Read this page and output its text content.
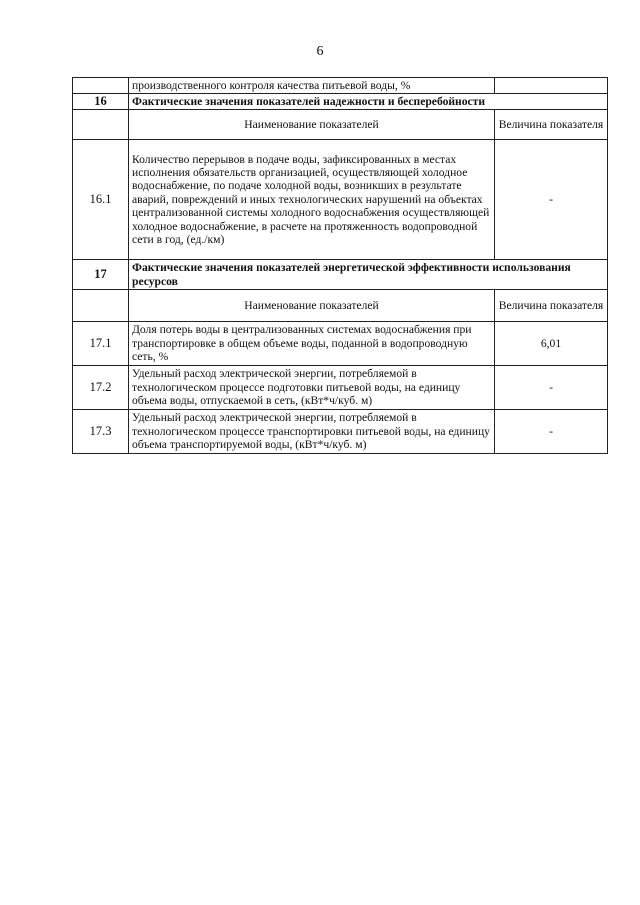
6
	производственного контроля качества питьевой воды, %	
16	Фактические значения показателей надежности и бесперебойности	
	Наименование показателей	Величина показателя
16.1	Количество перерывов в подаче воды, зафиксированных в местах исполнения обязательств организацией, осуществляющей холодное водоснабжение, по подаче холодной воды, возникших в результате аварий, повреждений и иных технологических нарушений на объектах централизованной системы холодного водоснабжения осуществляющей холодное водоснабжение, в расчете на протяженность водопроводной сети в год, (ед./км)	-
17	Фактические значения показателей энергетической эффективности использования ресурсов	
	Наименование показателей	Величина показателя
17.1	Доля потерь воды в централизованных системах водоснабжения при транспортировке в общем объеме воды, поданной в водопроводную сеть, %	6,01
17.2	Удельный расход электрической энергии, потребляемой в технологическом процессе подготовки питьевой воды, на единицу объема воды, отпускаемой в сеть, (кВт*ч/куб. м)	-
17.3	Удельный расход электрической энергии, потребляемой в технологическом процессе транспортировки питьевой воды, на единицу объема транспортируемой воды, (кВт*ч/куб. м)	-
